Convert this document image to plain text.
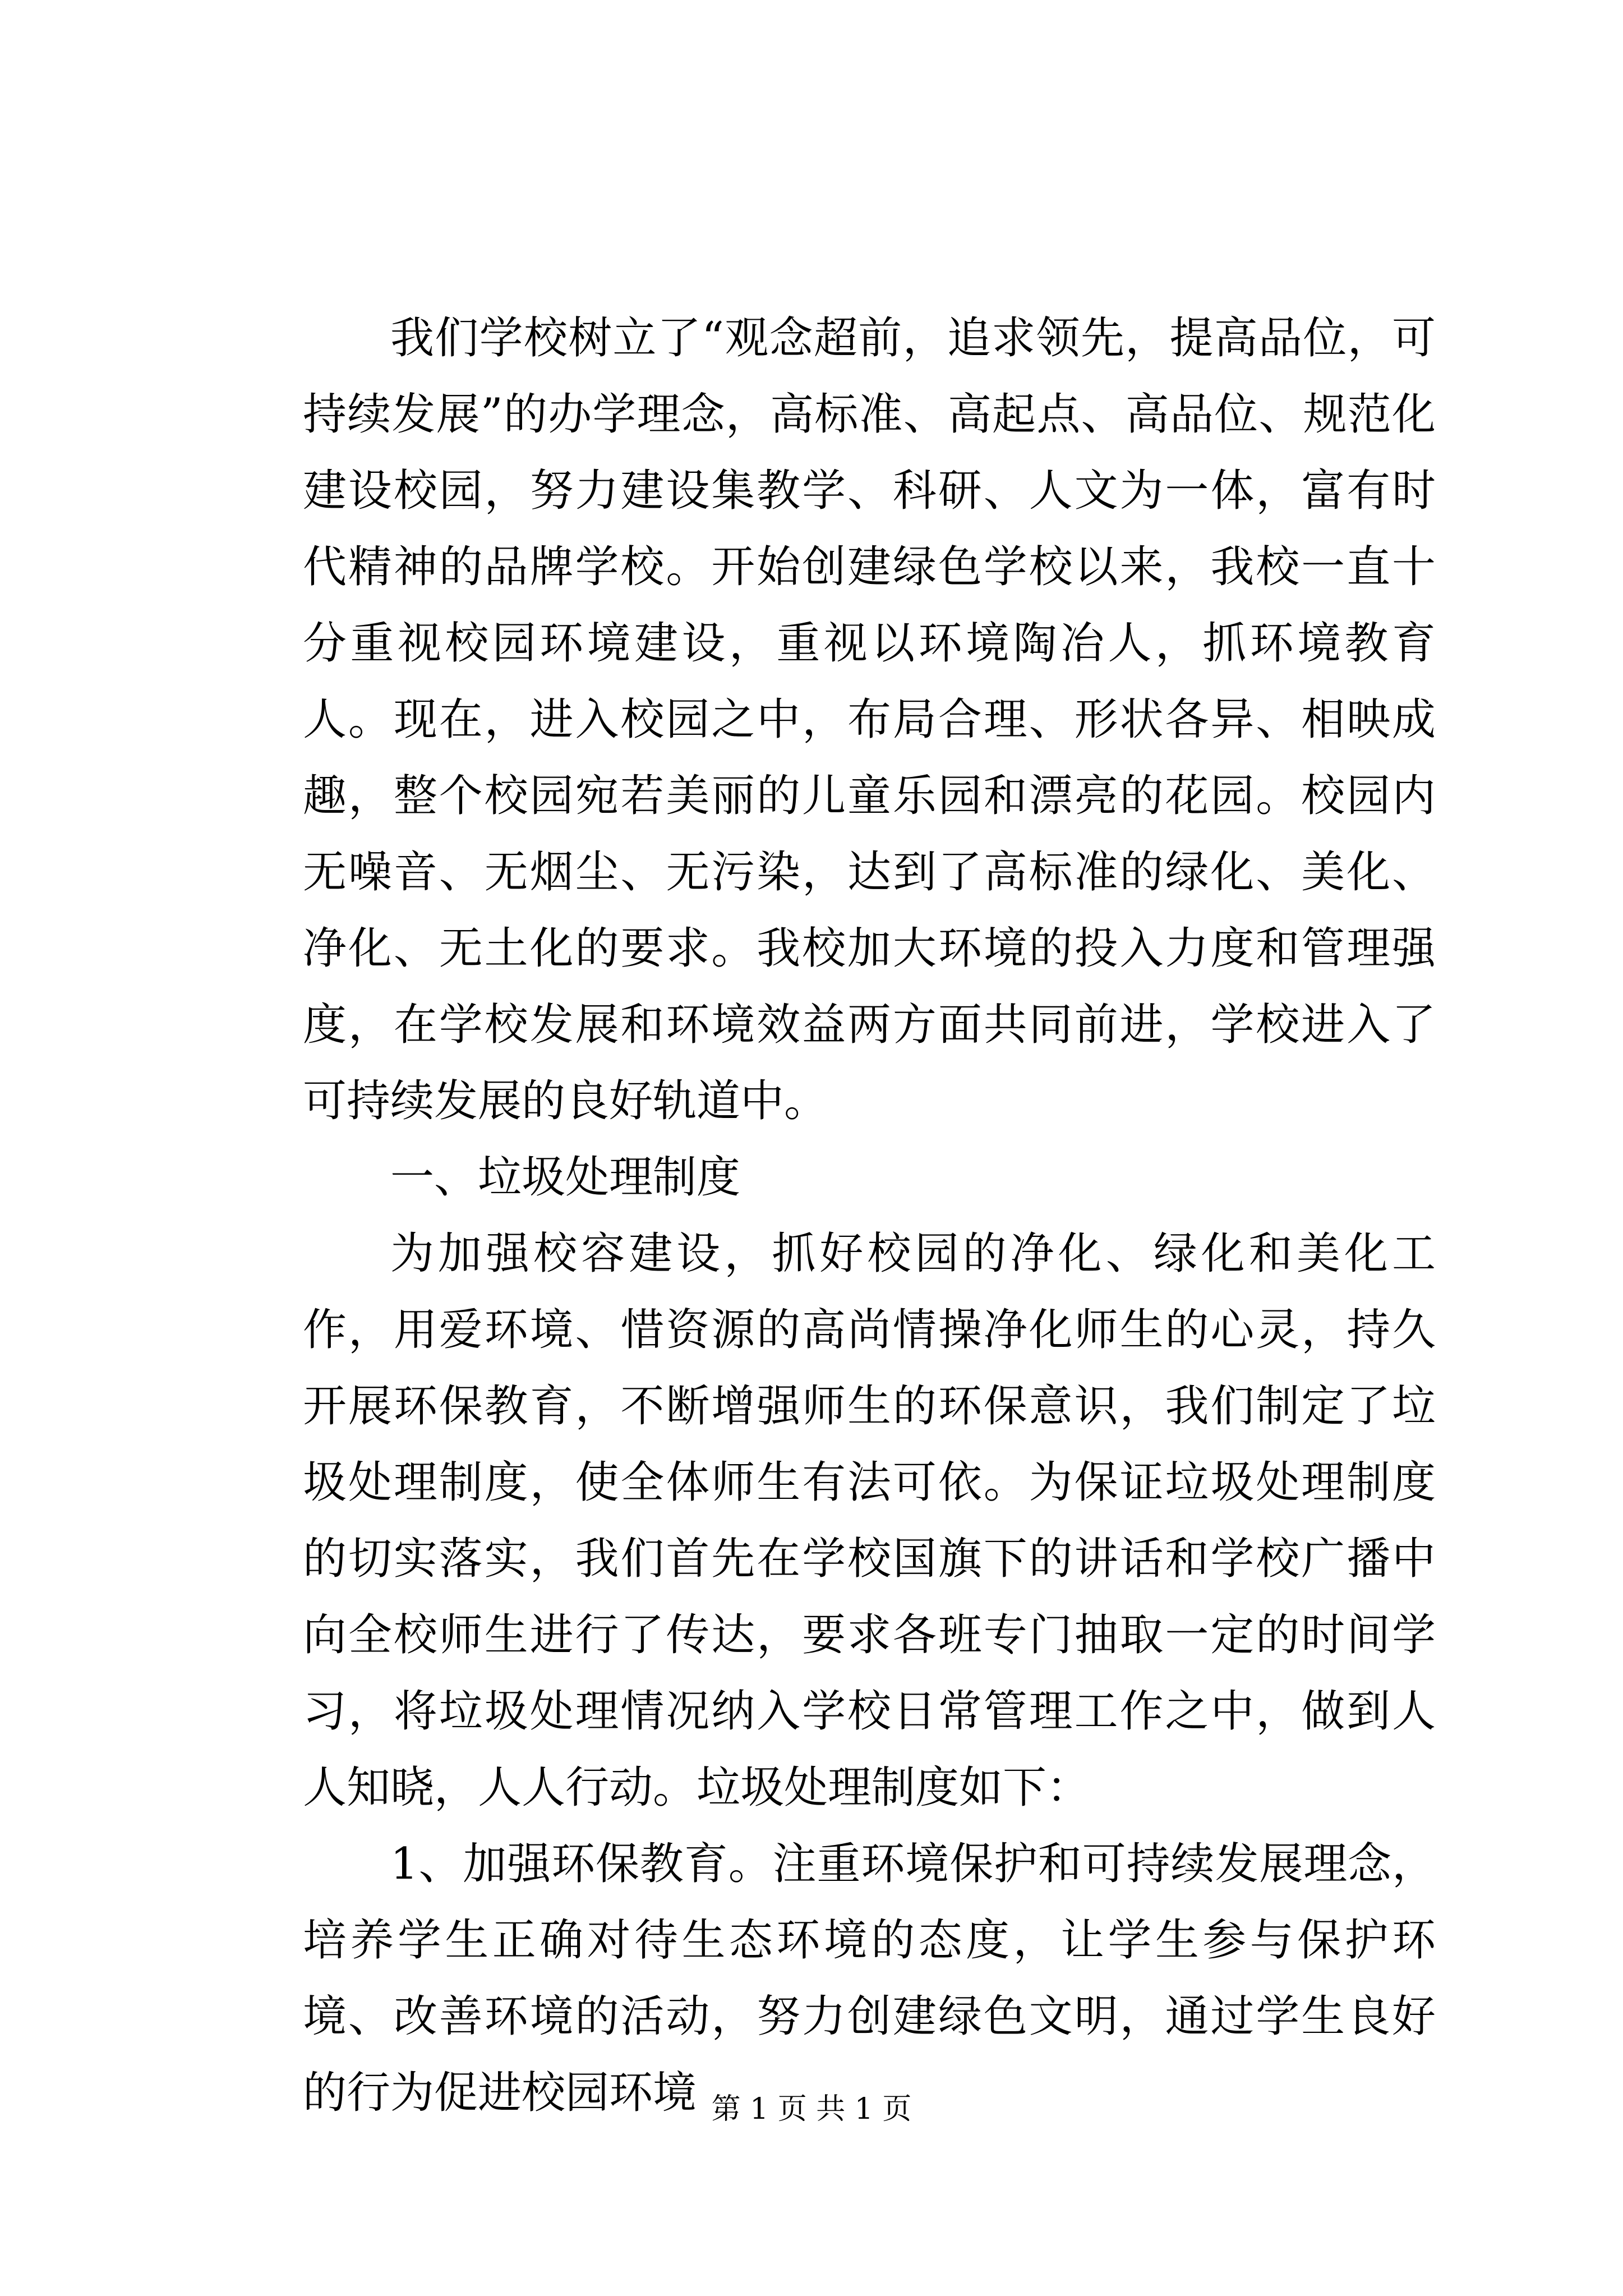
我们学校树立了“观念超前，追求领先，提高品位，可持续发展”的办学理念，高标准、高起点、高品位、规范化建设校园，努力建设集教学、科研、人文为一体，富有时代精神的品牌学校。开始创建绿色学校以来，我校一直十分重视校园环境建设，重视以环境陶冶人，抓环境教育人。现在，进入校园之中，布局合理、形状各异、相映成趣，整个校园宛若美丽的儿童乐园和漂亮的花园。校园内无噪音、无烟尘、无污染，达到了高标准的绿化、美化、净化、无土化的要求。我校加大环境的投入力度和管理强度，在学校发展和环境效益两方面共同前进，学校进入了可持续发展的良好轨道中。

一、垃圾处理制度

为加强校容建设，抓好校园的净化、绿化和美化工作，用爱环境、惜资源的高尚情操净化师生的心灵，持久开展环保教育，不断增强师生的环保意识，我们制定了垃圾处理制度，使全体师生有法可依。为保证垃圾处理制度的切实落实，我们首先在学校国旗下的讲话和学校广播中向全校师生进行了传达，要求各班专门抽取一定的时间学习，将垃圾处理情况纳入学校日常管理工作之中，做到人人知晓，人人行动。垃圾处理制度如下：

1、加强环保教育。注重环境保护和可持续发展理念，培养学生正确对待生态环境的态度，让学生参与保护环境、改善环境的活动，努力创建绿色文明，通过学生良好的行为促进校园环境 第 1 页 共 1 页
